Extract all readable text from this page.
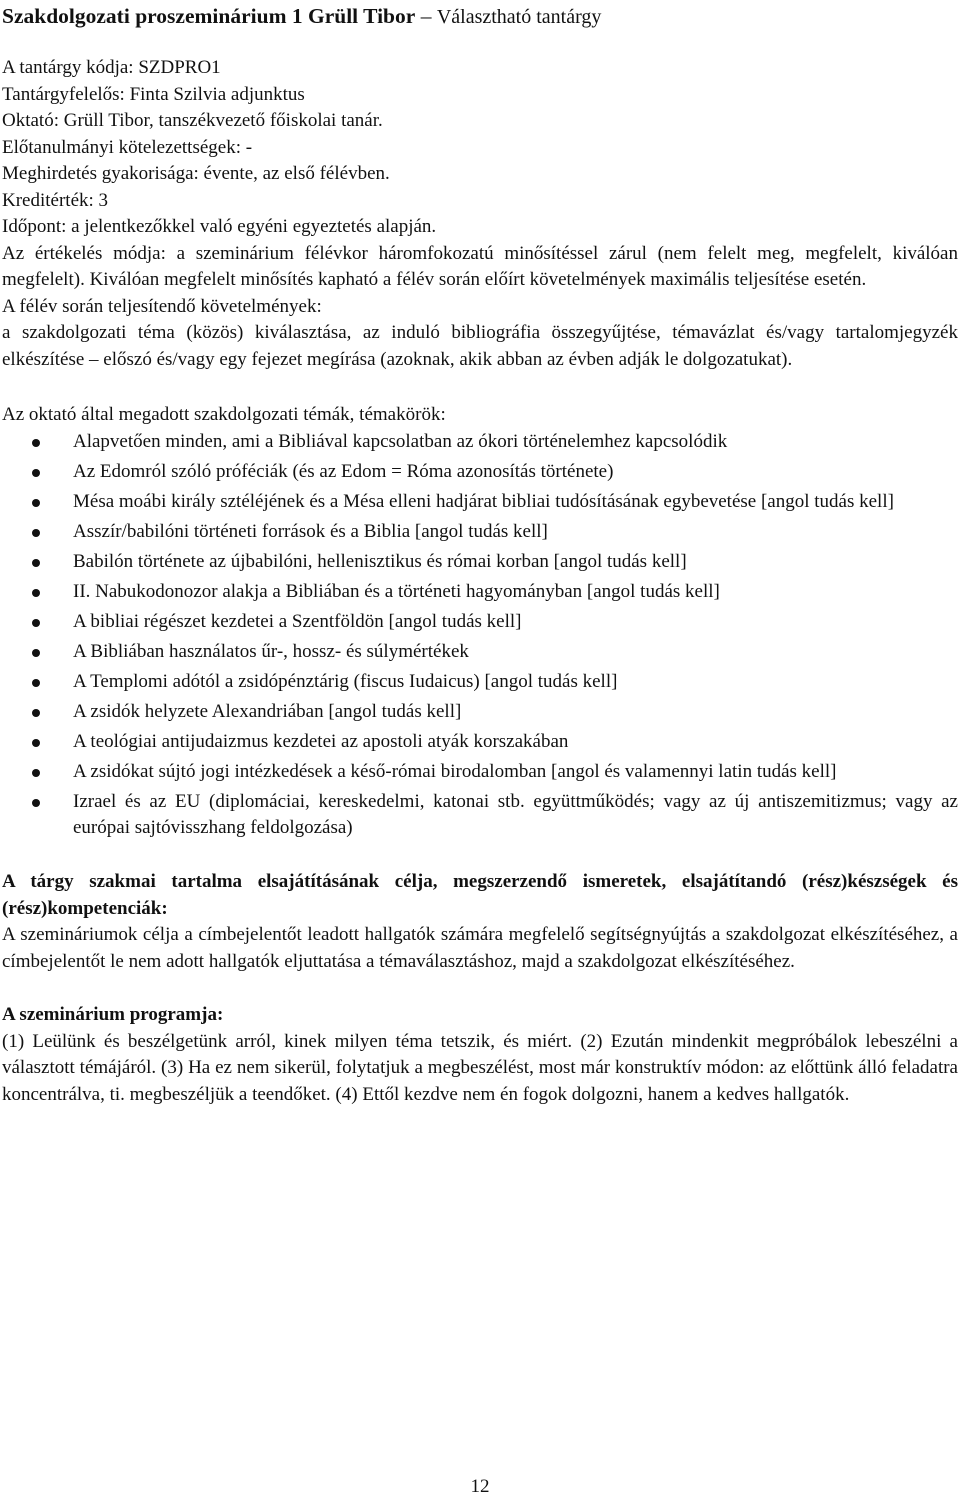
Szakdolgozati proszeminárium 1 Grüll Tibor – Választható tantárgy
A tantárgy kódja: SZDPRO1
Tantárgyfelelős: Finta Szilvia adjunktus
Oktató: Grüll Tibor, tanszékvezető főiskolai tanár.
Előtanulmányi kötelezettségek: -
Meghirdetés gyakorisága: évente, az első félévben.
Kreditérték: 3
Időpont: a jelentkezőkkel való egyéni egyeztetés alapján.
Az értékelés módja: a szeminárium félévkor háromfokozatú minősítéssel zárul (nem felelt meg, megfelelt, kiválóan megfelelt). Kiválóan megfelelt minősítés kapható a félév során előírt követelmények maximális teljesítése esetén.
A félév során teljesítendő követelmények:
a szakdolgozati téma (közös) kiválasztása, az induló bibliográfia összegyűjtése, témavázlat és/vagy tartalomjegyzék elkészítése – előszó és/vagy egy fejezet megírása (azoknak, akik abban az évben adják le dolgozatukat).
Az oktató által megadott szakdolgozati témák, témakörök:
Alapvetően minden, ami a Bibliával kapcsolatban az ókori történelemhez kapcsolódik
Az Edomról szóló próféciák (és az Edom = Róma azonosítás története)
Mésa moábi király sztéléjének és a Mésa elleni hadjárat bibliai tudósításának egybevetése [angol tudás kell]
Asszír/babilóni történeti források és a Biblia [angol tudás kell]
Babilón története az újbabilóni, hellenisztikus és római korban [angol tudás kell]
II. Nabukodonozor alakja a Bibliában és a történeti hagyományban [angol tudás kell]
A bibliai régészet kezdetei a Szentföldön [angol tudás kell]
A Bibliában használatos űr-, hossz- és súlymértékek
A Templomi adótól a zsidópénztárig (fiscus Iudaicus) [angol tudás kell]
A zsidók helyzete Alexandriában [angol tudás kell]
A teológiai antijudaizmus kezdetei az apostoli atyák korszakában
A zsidókat sújtó jogi intézkedések a késő-római birodalomban [angol és valamennyi latin tudás kell]
Izrael és az EU (diplomáciai, kereskedelmi, katonai stb. együttműködés; vagy az új antiszemitizmus; vagy az európai sajtóvisszhang feldolgozása)
A tárgy szakmai tartalma elsajátításának célja, megszerzendő ismeretek, elsajátítandó (rész)készségek és (rész)kompetenciák:
A szemináriumok célja a címbejelentőt leadott hallgatók számára megfelelő segítségnyújtás a szakdolgozat elkészítéséhez, a címbejelentőt le nem adott hallgatók eljuttatása a témaválasztáshoz, majd a szakdolgozat elkészítéséhez.
A szeminárium programja:
(1) Leülünk és beszélgetünk arról, kinek milyen téma tetszik, és miért. (2) Ezután mindenkit megpróbálok lebeszélni a választott témájáról. (3) Ha ez nem sikerül, folytatjuk a megbeszélést, most már konstruktív módon: az előttünk álló feladatra koncentrálva, ti. megbeszéljük a teendőket. (4) Ettől kezdve nem én fogok dolgozni, hanem a kedves hallgatók.
12
